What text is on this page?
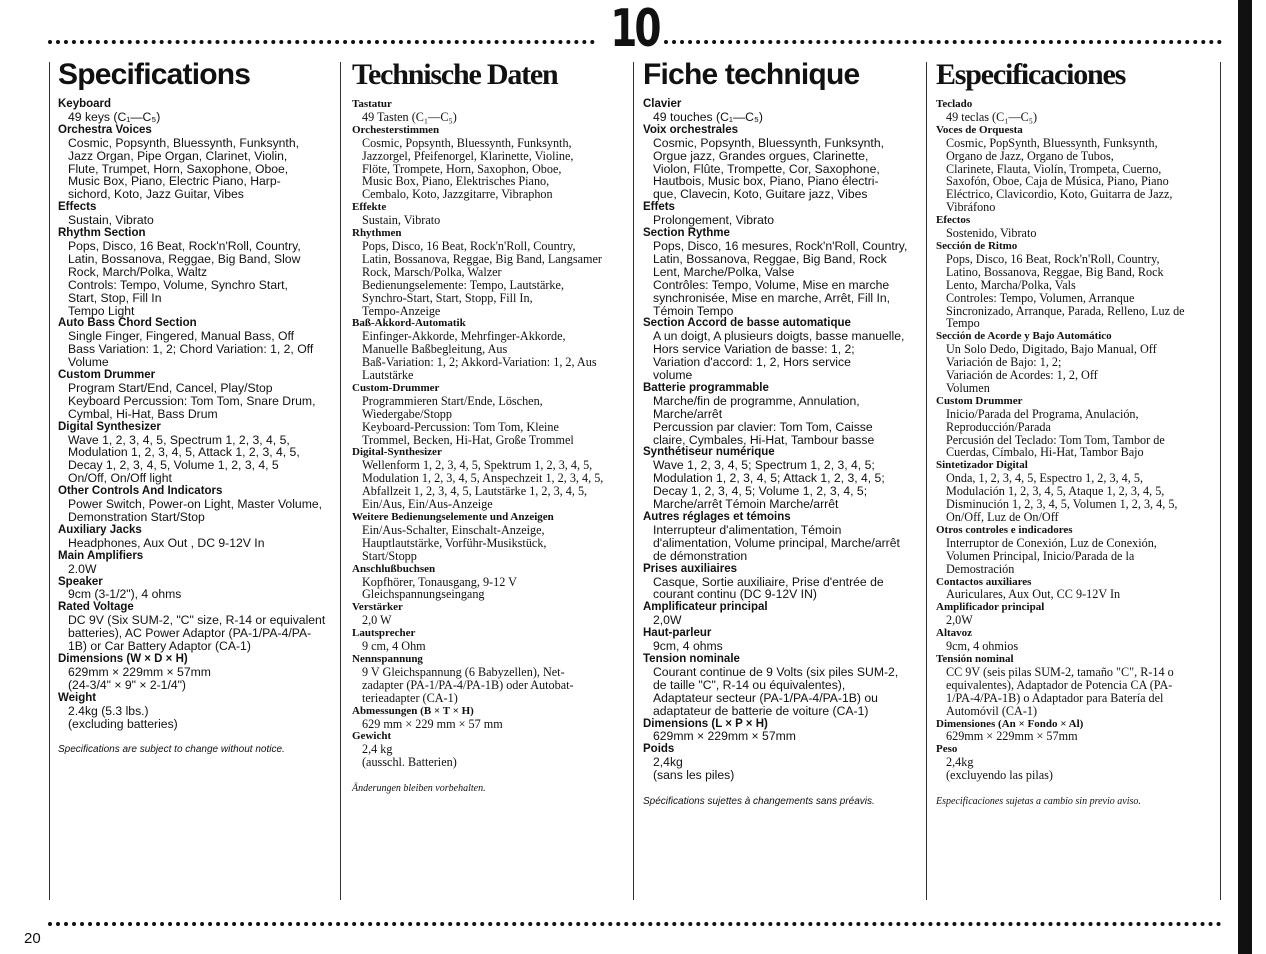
10
Specifications
Keyboard
49 keys (C₁—C₅)
Orchestra Voices
Cosmic, Popsynth, Bluessynth, Funksynth,
Jazz Organ, Pipe Organ, Clarinet, Violin,
Flute, Trumpet, Horn, Saxophone, Oboe,
Music Box, Piano, Electric Piano, Harp-
sichord, Koto, Jazz Guitar, Vibes
Effects
Sustain, Vibrato
Rhythm Section
Pops, Disco, 16 Beat, Rock'n'Roll, Country,
Latin, Bossanova, Reggae, Big Band, Slow
Rock, March/Polka, Waltz
Controls: Tempo, Volume, Synchro Start,
Start, Stop, Fill In
Tempo Light
Auto Bass Chord Section
Single Finger, Fingered, Manual Bass, Off
Bass Variation: 1, 2; Chord Variation: 1, 2, Off
Volume
Custom Drummer
Program Start/End, Cancel, Play/Stop
Keyboard Percussion: Tom Tom, Snare Drum,
Cymbal, Hi-Hat, Bass Drum
Digital Synthesizer
Wave 1, 2, 3, 4, 5, Spectrum 1, 2, 3, 4, 5,
Modulation 1, 2, 3, 4, 5, Attack 1, 2, 3, 4, 5,
Decay 1, 2, 3, 4, 5, Volume 1, 2, 3, 4, 5
On/Off, On/Off light
Other Controls And Indicators
Power Switch, Power-on Light, Master Volume,
Demonstration Start/Stop
Auxiliary Jacks
Headphones, Aux Out , DC 9-12V In
Main Amplifiers
2.0W
Speaker
9cm (3-1/2"), 4 ohms
Rated Voltage
DC 9V (Six SUM-2, "C" size, R-14 or equivalent
batteries), AC Power Adaptor (PA-1/PA-4/PA-
1B) or Car Battery Adaptor (CA-1)
Dimensions (W × D × H)
629mm × 229mm × 57mm
(24-3/4" × 9" × 2-1/4")
Weight
2.4kg (5.3 lbs.)
(excluding batteries)
Specifications are subject to change without notice.
Technische Daten
Tastatur
49 Tasten (C₁—C₅)
Orchesterstimmen
Cosmic, Popsynth, Bluessynth, Funksynth,
Jazzorgel, Pfeifenorgel, Klarinette, Violine,
Flöte, Trompete, Horn, Saxophon, Oboe,
Music Box, Piano, Elektrisches Piano,
Cembalo, Koto, Jazzgitarre, Vibraphon
Effekte
Sustain, Vibrato
Rhythmen
Pops, Disco, 16 Beat, Rock'n'Roll, Country,
Latin, Bossanova, Reggae, Big Band, Langsamer
Rock, Marsch/Polka, Walzer
Bedienungselemente: Tempo, Lautstärke,
Synchro-Start, Start, Stopp, Fill In,
Tempo-Anzeige
Baß-Akkord-Automatik
Einfinger-Akkorde, Mehrfinger-Akkorde,
Manuelle Baßbegleitung, Aus
Baß-Variation: 1, 2; Akkord-Variation: 1, 2, Aus
Lautstärke
Custom-Drummer
Programmieren Start/Ende, Löschen,
Wiedergabe/Stopp
Keyboard-Percussion: Tom Tom, Kleine
Trommel, Becken, Hi-Hat, Große Trommel
Digital-Synthesizer
Wellenform 1, 2, 3, 4, 5, Spektrum 1, 2, 3, 4, 5,
Modulation 1, 2, 3, 4, 5, Anspechzeit 1, 2, 3, 4, 5,
Abfallzeit 1, 2, 3, 4, 5, Lautstärke 1, 2, 3, 4, 5,
Ein/Aus, Ein/Aus-Anzeige
Weitere Bedienungselemente und Anzeigen
Ein/Aus-Schalter, Einschalt-Anzeige,
Hauptlautstärke, Vorführ-Musikstück,
Start/Stopp
Anschlußbuchsen
Kopfhörer, Tonausgang, 9-12 V
Gleichspannungseingang
Verstärker
2,0 W
Lautsprecher
9 cm, 4 Ohm
Nennspannung
9 V Gleichspannung (6 Babyzellen), Net-
zadapter (PA-1/PA-4/PA-1B) oder Autobat-
terieadapter (CA-1)
Abmessungen (B × T × H)
629 mm × 229 mm × 57 mm
Gewicht
2,4 kg
(ausschl. Batterien)
Änderungen bleiben vorbehalten.
Fiche technique
Clavier
49 touches (C₁—C₅)
Voix orchestrales
Cosmic, Popsynth, Bluessynth, Funksynth,
Orgue jazz, Grandes orgues, Clarinette,
Violon, Flûte, Trompette, Cor, Saxophone,
Hautbois, Music box, Piano, Piano électri-
que, Clavecin, Koto, Guitare jazz, Vibes
Effets
Prolongement, Vibrato
Section Rythme
Pops, Disco, 16 mesures, Rock'n'Roll, Country,
Latin, Bossanova, Reggae, Big Band, Rock
Lent, Marche/Polka, Valse
Contrôles: Tempo, Volume, Mise en marche
synchronisée, Mise en marche, Arrêt, Fill In,
Témoin Tempo
Section Accord de basse automatique
A un doigt, A plusieurs doigts, basse manuelle,
Hors service Variation de basse: 1, 2;
Variation d'accord: 1, 2, Hors service
volume
Batterie programmable
Marche/fin de programme, Annulation,
Marche/arrêt
Percussion par clavier: Tom Tom, Caisse
claire, Cymbales, Hi-Hat, Tambour basse
Synthétiseur numérique
Wave 1, 2, 3, 4, 5; Spectrum 1, 2, 3, 4, 5;
Modulation 1, 2, 3, 4, 5; Attack 1, 2, 3, 4, 5;
Decay 1, 2, 3, 4, 5; Volume 1, 2, 3, 4, 5;
Marche/arrêt Témoin Marche/arrêt
Autres réglages et témoins
Interrupteur d'alimentation, Témoin
d'alimentation, Volume principal, Marche/arrêt
de démonstration
Prises auxiliaires
Casque, Sortie auxiliaire, Prise d'entrée de
courant continu (DC 9-12V IN)
Amplificateur principal
2,0W
Haut-parleur
9cm, 4 ohms
Tension nominale
Courant continue de 9 Volts (six piles SUM-2,
de taille "C", R-14 ou équivalentes),
Adaptateur secteur (PA-1/PA-4/PA-1B) ou
adaptateur de batterie de voiture (CA-1)
Dimensions (L × P × H)
629mm × 229mm × 57mm
Poids
2,4kg
(sans les piles)
Spécifications sujettes à changements sans préavis.
Especificaciones
Teclado
49 teclas (C₁—C₅)
Voces de Orquesta
Cosmic, PopSynth, Bluessynth, Funksynth,
Organo de Jazz, Organo de Tubos,
Clarinete, Flauta, Violín, Trompeta, Cuerno,
Saxofón, Oboe, Caja de Música, Piano, Piano
Eléctrico, Clavicordio, Koto, Guitarra de Jazz,
Vibráfono
Efectos
Sostenido, Vibrato
Sección de Ritmo
Pops, Disco, 16 Beat, Rock'n'Roll, Country,
Latino, Bossanova, Reggae, Big Band, Rock
Lento, Marcha/Polka, Vals
Controles: Tempo, Volumen, Arranque
Sincronizado, Arranque, Parada, Relleno, Luz de
Tempo
Sección de Acorde y Bajo Automático
Un Solo Dedo, Digitado, Bajo Manual, Off
Variación de Bajo: 1, 2;
Variación de Acordes: 1, 2, Off
Volumen
Custom Drummer
Inicio/Parada del Programa, Anulación,
Reproducción/Parada
Percusión del Teclado: Tom Tom, Tambor de
Cuerdas, Címbalo, Hi-Hat, Tambor Bajo
Sintetizador Digital
Onda, 1, 2, 3, 4, 5, Espectro 1, 2, 3, 4, 5,
Modulación 1, 2, 3, 4, 5, Ataque 1, 2, 3, 4, 5,
Disminución 1, 2, 3, 4, 5, Volumen 1, 2, 3, 4, 5,
On/Off, Luz de On/Off
Otros controles e indicadores
Interruptor de Conexión, Luz de Conexión,
Volumen Principal, Inicio/Parada de la
Demostración
Contactos auxiliares
Auriculares, Aux Out, CC 9-12V In
Amplificador principal
2,0W
Altavoz
9cm, 4 ohmios
Tensión nominal
CC 9V (seis pilas SUM-2, tamaño "C", R-14 o
equivalentes), Adaptador de Potencia CA (PA-
1/PA-4/PA-1B) o Adaptador para Batería del
Automóvil (CA-1)
Dimensiones (An × Fondo × Al)
629mm × 229mm × 57mm
Peso
2,4kg
(excluyendo las pilas)
Especificaciones sujetas a cambio sin previo aviso.
20
